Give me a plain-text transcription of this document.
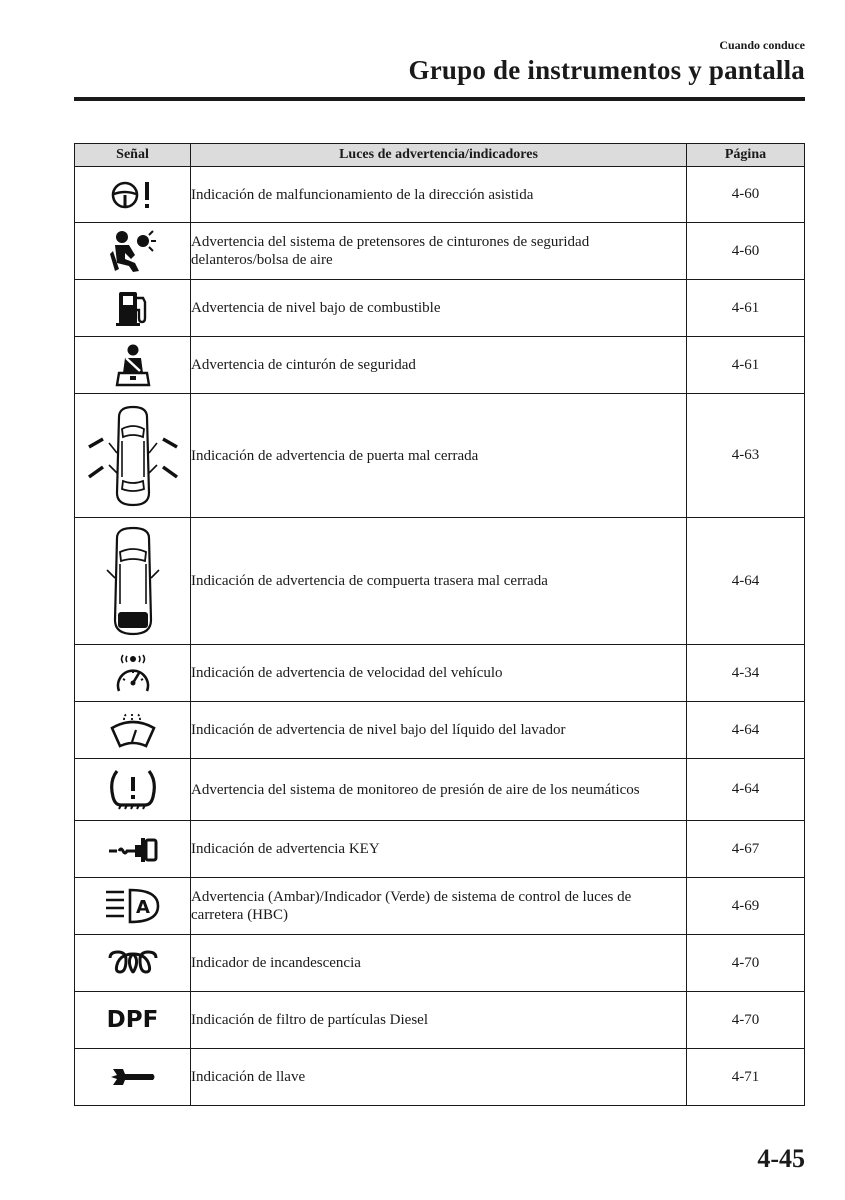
Cuando conduce
Grupo de instrumentos y pantalla
Señal	Luces de advertencia/indicadores	Página

	Indicación de malfuncionamiento de la dirección asistida	4-60

	Advertencia del sistema de pretensores de cinturones de seguridad delanteros/bolsa de aire	4-60

	Advertencia de nivel bajo de combustible	4-61

	Advertencia de cinturón de seguridad	4-61

	Indicación de advertencia de puerta mal cerrada	4-63

	Indicación de advertencia de compuerta trasera mal cerrada	4-64

	Indicación de advertencia de velocidad del vehículo	4-34

	Indicación de advertencia de nivel bajo del líquido del lavador	4-64

	Advertencia del sistema de monitoreo de presión de aire de los neumáticos	4-64

	Indicación de advertencia KEY	4-67

A	Advertencia (Ambar)/Indicador (Verde) de sistema de control de luces de carretera (HBC)	4-69

	Indicador de incandescencia	4-70
DPF	Indicación de filtro de partículas Diesel	4-70

	Indicación de llave	4-71
4-45
